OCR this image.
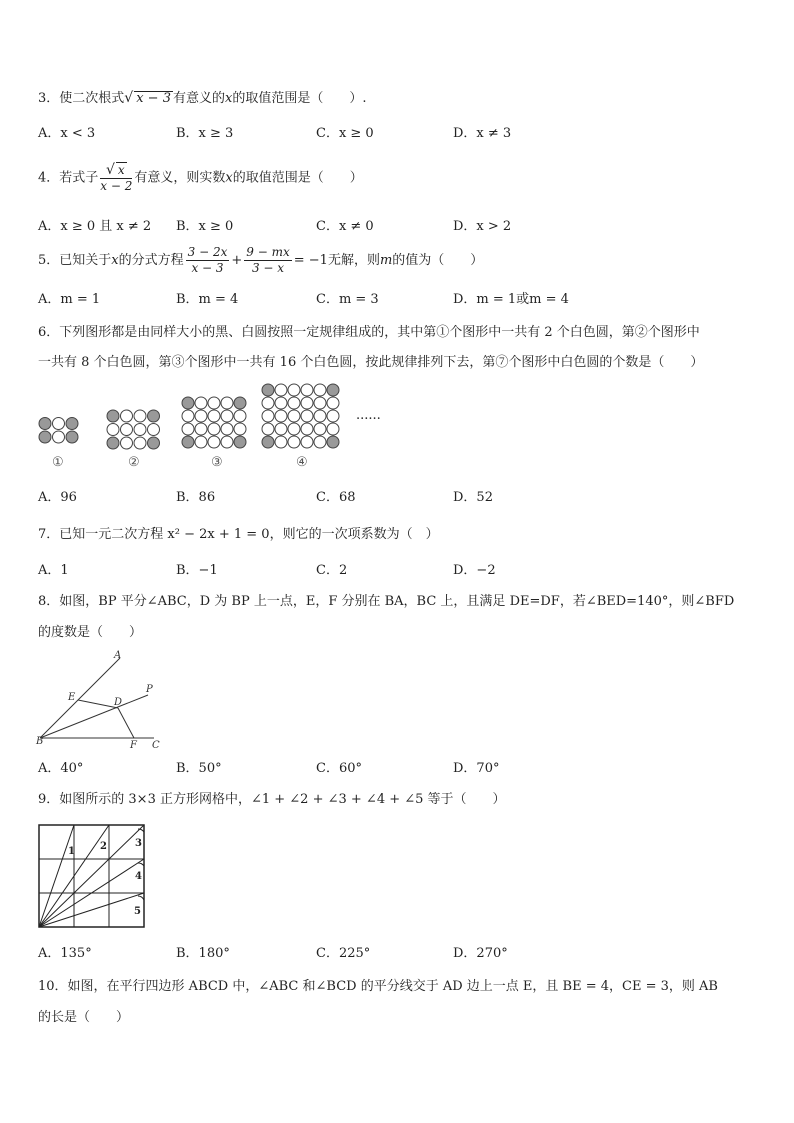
3．使二次根式√ x − 3 有意义的x的取值范围是（　　）.
A．x < 3	B．x ≥ 3	C．x ≥ 0	D．x ≠ 3
4．若式子 $\frac{√ x}{x - 2}$ 有意义，则实数x的取值范围是（　　）
A．x ≥ 0 且 x ≠ 2 B．x ≥ 0	C．x ≠ 0	D．x > 2
5．已知关于x的分式方程 $\frac{3 - 2x}{x - 3} + \frac{9 - mx}{3 - x} = -1$无解，则m的值为（　　）
A．m = 1	B．m = 4	C．m = 3	D．m = 1或m = 4
6．下列图形都是由同样大小的黑、白圆按照一定规律组成的，其中第①个图形中一共有 2 个白色圆，第②个图形中
一共有 8 个白色圆，第③个图形中一共有 16 个白色圆，按此规律排列下去，第⑦个图形中白色圆的个数是（　　）
①	②	③	④
......
A．96	B．86	C．68	D．52
7．已知一元二次方程 x² − 2x + 1 = 0，则它的一次项系数为（　）
A．1	B．−1	C．2	D．−2
8．如图，BP 平分∠ABC，D 为 BP 上一点，E，F 分别在 BA，BC 上，且满足 DE=DF，若∠BED=140°，则∠BFD
的度数是（　　）
A
E	D
P
B	F C
A．40°	B．50°	C．60°	D．70°
9．如图所示的 3×3 正方形网格中，∠1 + ∠2 + ∠3 + ∠4 + ∠5 等于（　　）
1	2	3
4
5
A．135°	B．180°	C．225°	D．270°
10．如图，在平行四边形 ABCD 中，∠ABC 和∠BCD 的平分线交于 AD 边上一点 E，且 BE = 4，CE = 3，则 AB
的长是（　　）
